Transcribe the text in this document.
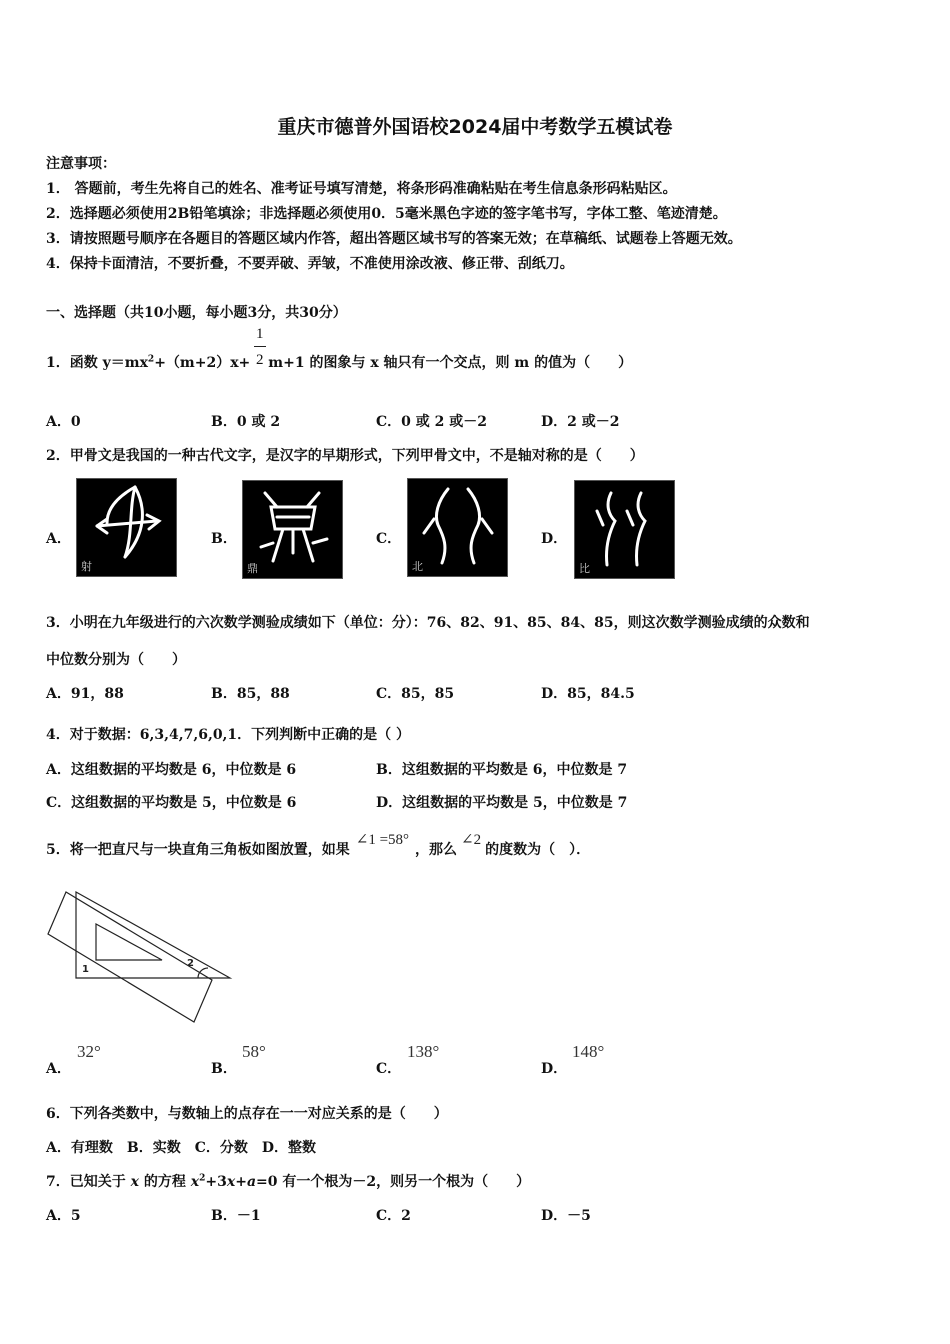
重庆市德普外国语校2024届中考数学五模试卷
注意事项：
1． 答题前，考生先将自己的姓名、准考证号填写清楚，将条形码准确粘贴在考生信息条形码粘贴区。
2．选择题必须使用2B铅笔填涂；非选择题必须使用0．5毫米黑色字迹的签字笔书写，字体工整、笔迹清楚。
3．请按照题号顺序在各题目的答题区域内作答，超出答题区域书写的答案无效；在草稿纸、试题卷上答题无效。
4．保持卡面清洁，不要折叠，不要弄破、弄皱，不准使用涂改液、修正带、刮纸刀。
一、选择题（共10小题，每小题3分，共30分）
1．函数 $y=mx^2+(m+2)x+ m+1$ 的图象与 x 轴只有一个交点，则 m 的值为（　　）
1
2
A．0	B．0 或 2	C．0 或 2 或－2	D．2 或－2
2．甲骨文是我国的一种古代文字，是汉字的早期形式，下列甲骨文中，不是轴对称的是（　　）
A．
射
B．
鼎
C．
北
D．
比
3．小明在九年级进行的六次数学测验成绩如下（单位：分）：76、82、91、85、84、85，则这次数学测验成绩的众数和
中位数分别为（　　）
A．91，88	B．85，88	C．85，85	D．85，84.5
4．对于数据：6,3,4,7,6,0,1．下列判断中正确的是（ ）
A．这组数据的平均数是 6，中位数是 6	B．这组数据的平均数是 6，中位数是 7
C．这组数据的平均数是 5，中位数是 6	D．这组数据的平均数是 5，中位数是 7
5．将一把直尺与一块直角三角板如图放置，如果∠1 =58°，那么∠2的度数为（　）．
1
2
A．
32°
B．
58°
C．
138°
D．
148°
6．下列各类数中，与数轴上的点存在一一对应关系的是（　　）
A．有理数　B．实数　C．分数　D．整数
7．已知关于 x 的方程 $x^2+3x+a=0$ 有一个根为－2，则另一个根为（　　）
A．5	B．－1	C．2	D．－5
